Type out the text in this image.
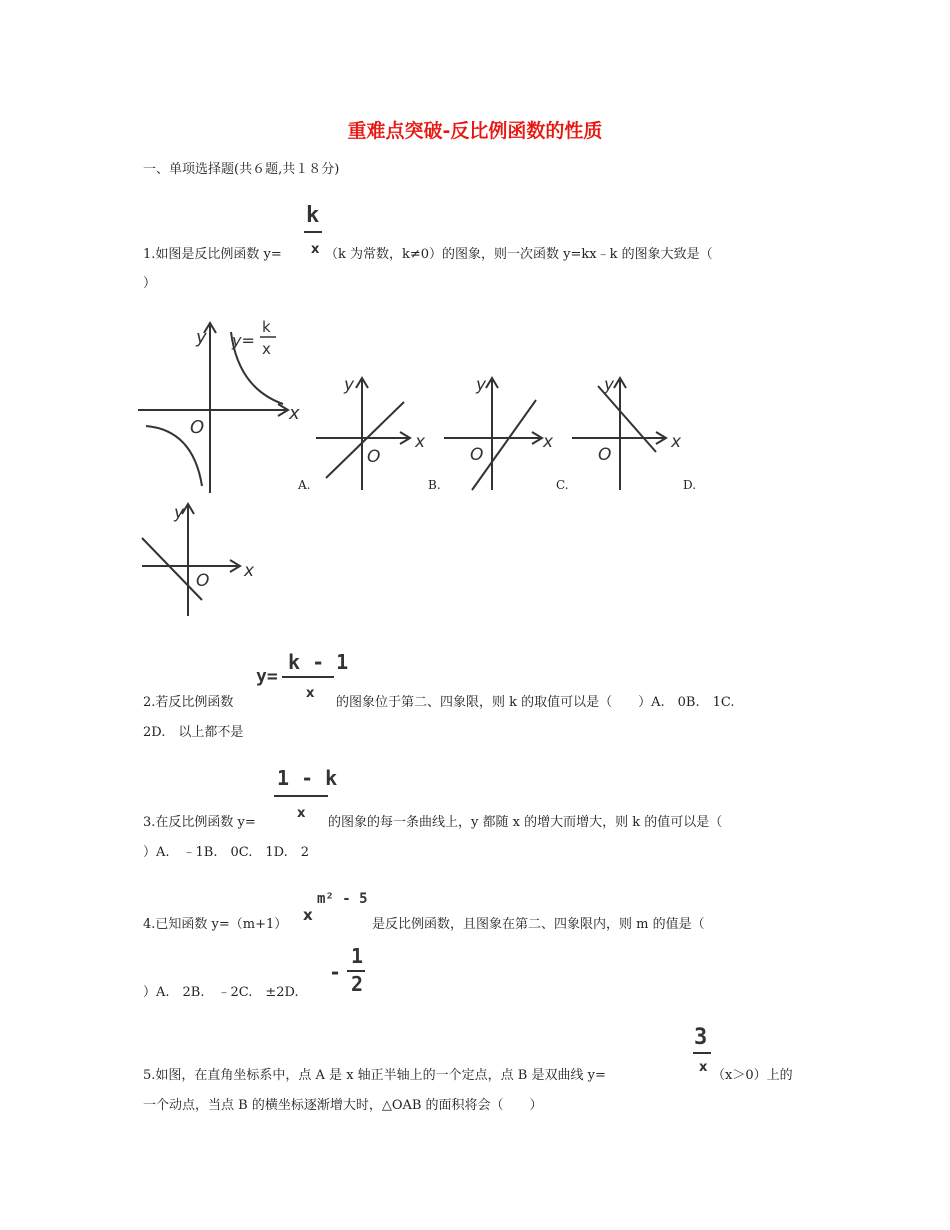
重难点突破-反比例函数的性质
一、单项选择题(共６题,共１８分)
k
1.如图是反比例函数 y= x （k 为常数，k≠0）的图象，则一次函数 y=kx﹣k 的图象大致是（
）
y
x
O
y=
k
x
y
x
O
A.
y
x
O
B.
y
x
O
C.	D.
y
x
O
k - 1
y=
2.若反比例函数
x
的图象位于第二、四象限，则 k 的取值可以是（　　）A.　0B.　1C.
2D.　以上都不是
1 - k
3.在反比例函数 y=
x
的图象的每一条曲线上，y 都随 x 的增大而增大，则 k 的值可以是（
）A.　﹣1B.　0C.　1D.　2
4.已知函数 y=（m+1）
x
m² - 5
是反比例函数，且图象在第二、四象限内，则 m 的值是（
）A.　2B.　﹣2C.　±2D.
-
1
2
3
5.如图，在直角坐标系中，点 A 是 x 轴正半轴上的一个定点，点 B 是双曲线 y=
x
（x＞0）上的
一个动点，当点 B 的横坐标逐渐增大时，△OAB 的面积将会（　　）
